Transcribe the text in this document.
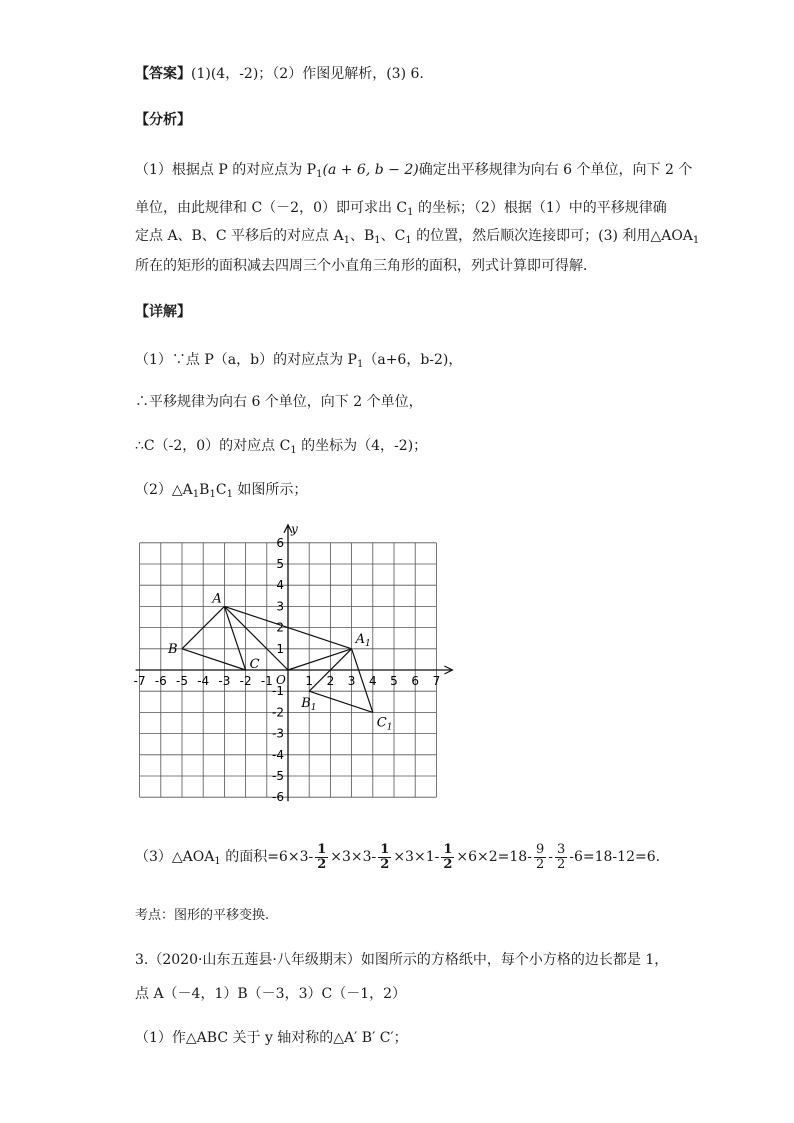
【答案】(1)(4，-2)；（2）作图见解析，(3) 6.
【分析】
（1）根据点 P 的对应点为 $P_1(a + 6$, b − 2)确定出平移规律为向右 6 个单位，向下 2 个
单位，由此规律和 C（－2，0）即可求出 $C_1$ 的坐标；（2）根据（1）中的平移规律确
定点 A、B、C 平移后的对应点 $A_1$、$B_1$、$C_1$ 的位置，然后顺次连接即可；(3) 利用$\triangle AOA_1$
所在的矩形的面积减去四周三个小直角三角形的面积，列式计算即可得解．
【详解】
（1）∵点 P（a，b）的对应点为 $P_1(a+6$，b-2)，
∴平移规律为向右 6 个单位，向下 2 个单位，
∴C（-2，0）的对应点 $C_1$ 的坐标为（4，-2)；
$(2)\triangle A_1B_1C_1$ 如图所示；
y
O
-7 -6 -5 -4 -3 -2 -1	1 2 3 4 5 6 7
6
5
4
3
2
1
-1
-2
-3
-4
-5
-6
A
B
C
$A_1$
$B_1$
$C_1$
$(3)\triangle AOA_1$ 的面积$=6\times 3- \frac{1}{2} \times 3\times 3- \frac{1}{2} \times 3\times 1- \frac{1}{2} \times 6\times 2=18- \frac{9}{2} - \frac{3}{2} -6=18-12=6$.
考点：图形的平移变换.
3.（2020·山东五莲县·八年级期末）如图所示的方格纸中，每个小方格的边长都是 1，
点 A（－4，1）B（－3，3）C（－1，2）
（1）作△ABC 关于 y 轴对称的△A′ B′ C′；
